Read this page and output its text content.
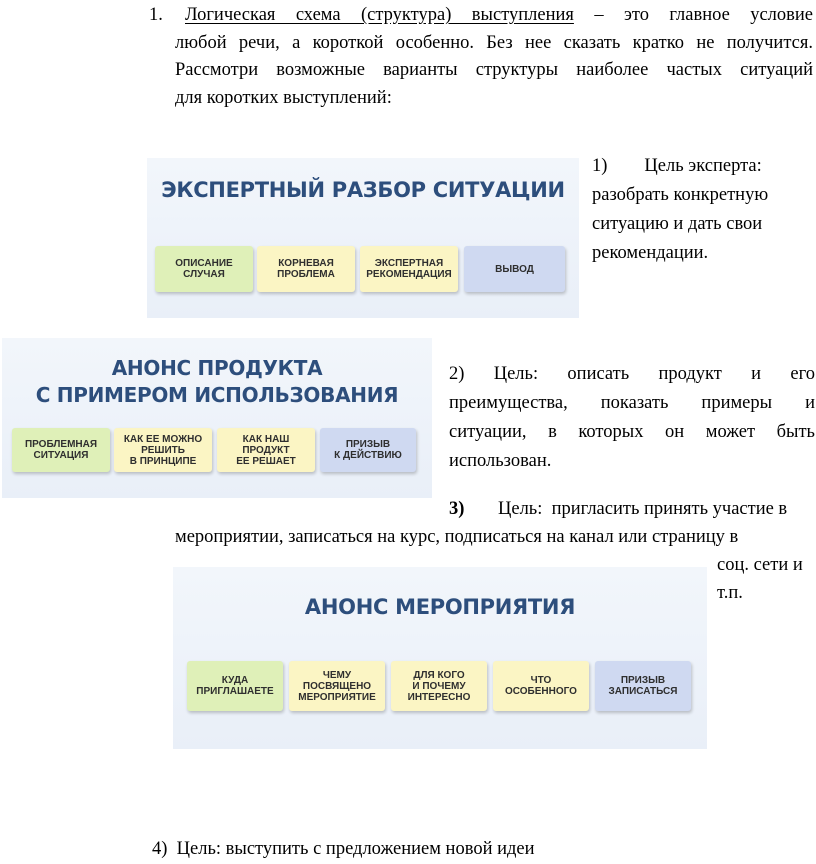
1. Логическая схема (структура) выступления – это главное условие
любой речи, а короткой особенно. Без нее сказать кратко не получится.
Рассмотри возможные варианты структуры наиболее частых ситуаций
для коротких выступлений:
ЭКСПЕРТНЫЙ РАЗБОР СИТУАЦИИ
ОПИСАНИЕ
СЛУЧАЯ
КОРНЕВАЯ
ПРОБЛЕМА
ЭКСПЕРТНАЯ
РЕКОМЕНДАЦИЯ	ВЫВОД
1)        Цель эксперта:
разобрать конкретную
ситуацию и дать свои
рекомендации.
АНОНС ПРОДУКТА
С ПРИМЕРОМ ИСПОЛЬЗОВАНИЯ
ПРОБЛЕМНАЯ
СИТУАЦИЯ
КАК ЕЕ МОЖНО
РЕШИТЬ
В ПРИНЦИПЕ
КАК НАШ
ПРОДУКТ
ЕЕ РЕШАЕТ
ПРИЗЫВ
К ДЕЙСТВИЮ
2) Цель: описать продукт и его
преимущества, показать примеры и
ситуации, в которых он может быть
использован.
3) Цель:  пригласить принять участие в
мероприятии, записаться на курс, подписаться на канал или страницу в
соц. сети и
т.п.
АНОНС МЕРОПРИЯТИЯ
КУДА
ПРИГЛАШАЕТЕ
ЧЕМУ
ПОСВЯЩЕНО
МЕРОПРИЯТИЕ
ДЛЯ КОГО
И ПОЧЕМУ
ИНТЕРЕСНО
ЧТО
ОСОБЕННОГО
ПРИЗЫВ
ЗАПИСАТЬСЯ
4)  Цель: выступить с предложением новой идеи
